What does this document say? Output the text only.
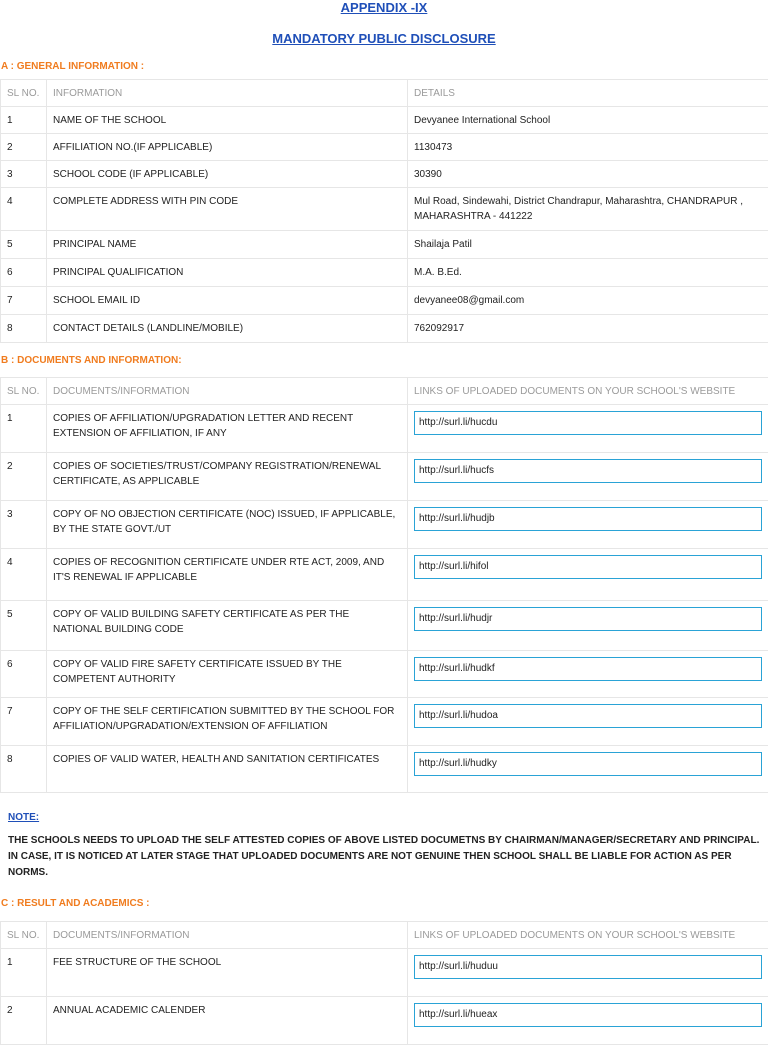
APPENDIX -IX
MANDATORY PUBLIC DISCLOSURE
A : GENERAL INFORMATION :
SL NO.	INFORMATION	DETAILS
1	NAME OF THE SCHOOL	Devyanee International School
2	AFFILIATION NO.(IF APPLICABLE)	1130473
3	SCHOOL CODE (IF APPLICABLE)	30390
4	COMPLETE ADDRESS WITH PIN CODE	Mul Road, Sindewahi, District Chandrapur, Maharashtra, CHANDRAPUR , MAHARASHTRA - 441222
5	PRINCIPAL NAME	Shailaja Patil
6	PRINCIPAL QUALIFICATION	M.A. B.Ed.
7	SCHOOL EMAIL ID	devyanee08@gmail.com
8	CONTACT DETAILS (LANDLINE/MOBILE)	762092917
B : DOCUMENTS AND INFORMATION:
SL NO.	DOCUMENTS/INFORMATION	LINKS OF UPLOADED DOCUMENTS ON YOUR SCHOOL'S WEBSITE
1	COPIES OF AFFILIATION/UPGRADATION LETTER AND RECENT EXTENSION OF AFFILIATION, IF ANY	http://surl.li/hucdu

2	COPIES OF SOCIETIES/TRUST/COMPANY REGISTRATION/RENEWAL CERTIFICATE, AS APPLICABLE	http://surl.li/hucfs

3	COPY OF NO OBJECTION CERTIFICATE (NOC) ISSUED, IF APPLICABLE, BY THE STATE GOVT./UT	http://surl.li/hudjb

4	COPIES OF RECOGNITION CERTIFICATE UNDER RTE ACT, 2009, AND IT'S RENEWAL IF APPLICABLE	http://surl.li/hifol

5	COPY OF VALID BUILDING SAFETY CERTIFICATE AS PER THE NATIONAL BUILDING CODE	http://surl.li/hudjr

6	COPY OF VALID FIRE SAFETY CERTIFICATE ISSUED BY THE COMPETENT AUTHORITY	http://surl.li/hudkf

7	COPY OF THE SELF CERTIFICATION SUBMITTED BY THE SCHOOL FOR AFFILIATION/UPGRADATION/EXTENSION OF AFFILIATION	http://surl.li/hudoa

8	COPIES OF VALID WATER, HEALTH AND SANITATION CERTIFICATES	http://surl.li/hudky
NOTE:
THE SCHOOLS NEEDS TO UPLOAD THE SELF ATTESTED COPIES OF ABOVE LISTED DOCUMETNS BY CHAIRMAN/MANAGER/SECRETARY AND PRINCIPAL. IN CASE, IT IS NOTICED AT LATER STAGE THAT UPLOADED DOCUMENTS ARE NOT GENUINE THEN SCHOOL SHALL BE LIABLE FOR ACTION AS PER NORMS.
C : RESULT AND ACADEMICS :
SL NO.	DOCUMENTS/INFORMATION	LINKS OF UPLOADED DOCUMENTS ON YOUR SCHOOL'S WEBSITE
1	FEE STRUCTURE OF THE SCHOOL	http://surl.li/huduu

2	ANNUAL ACADEMIC CALENDER	http://surl.li/hueax
